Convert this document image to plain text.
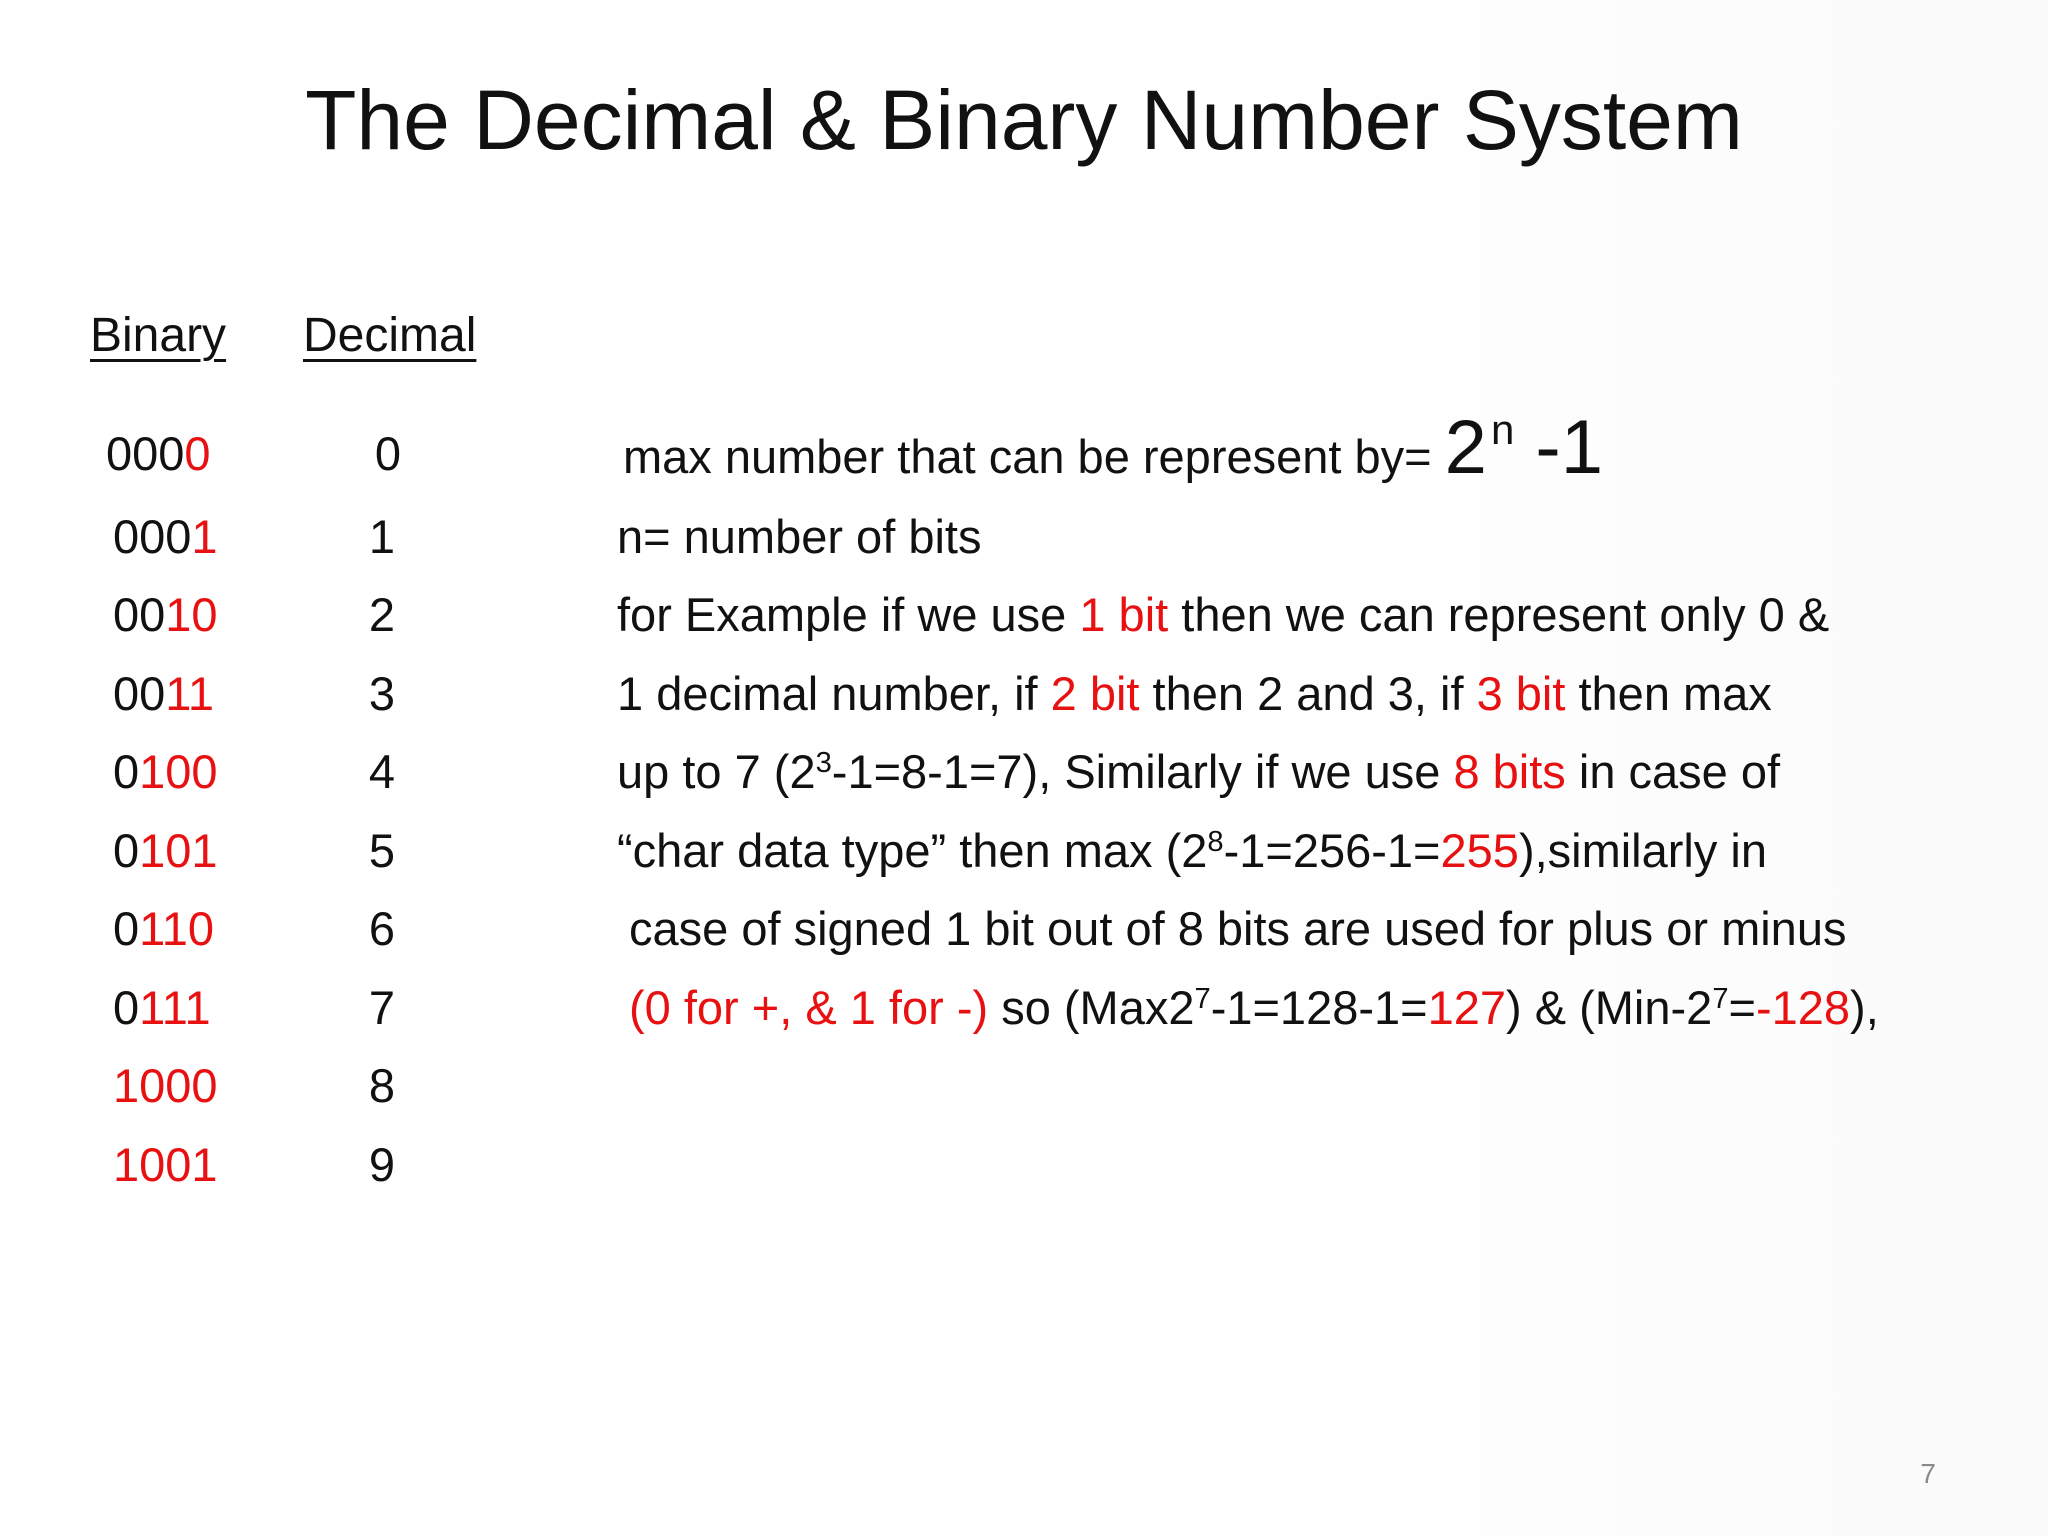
The Decimal & Binary Number System
Binary Decimal
0000
0001
0010
0011
0100
0101
0110
0111
1000
1001
0
1
2
3
4
5
6
7
8
9
max number that can be represent by= 2n -1
n= number of bits
for Example if we use 1 bit then we can represent only 0 &
1 decimal number, if 2 bit then 2 and 3, if 3 bit then max
up to 7 $(2^3-1=8-1=7)$, Similarly if we use 8 bits in case of
“char data type” then $\max (2^8-1=256-1=255),similarly$ in
case of signed 1 bit out of 8 bits are used for plus or minus
(0 for +, & 1 for -) so $(Max2^7-1=128-1=127)$ & $(Min-2^7=-128)$,
7
